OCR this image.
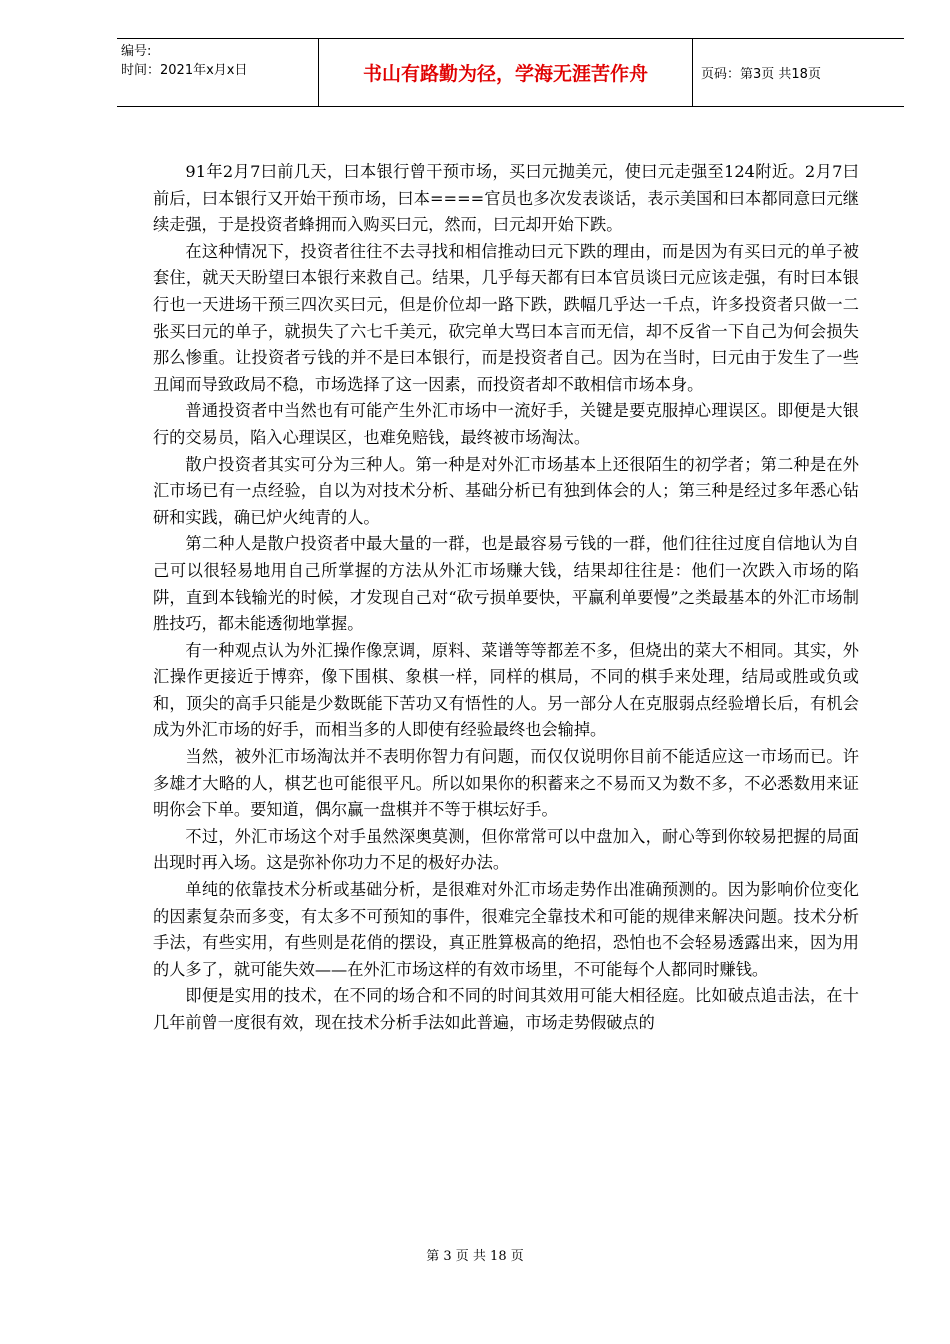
编号:
时间：2021年x月x日	书山有路勤为径，学海无涯苦作舟	页码：第3页 共18页

91年2月7曰前几天，曰本银行曾干预市场，买曰元抛美元，使曰元走强至124附近。2月7曰前后，曰本银行又开始干预市场，曰本====官员也多次发表谈话，表示美国和曰本都同意曰元继续走强，于是投资者蜂拥而入购买曰元，然而，曰元却开始下跌。

在这种情况下，投资者往往不去寻找和相信推动曰元下跌的理由，而是因为有买曰元的单子被套住，就天天盼望曰本银行来救自己。结果，几乎每天都有曰本官员谈曰元应该走强，有时曰本银行也一天进场干预三四次买曰元，但是价位却一路下跌，跌幅几乎达一千点，许多投资者只做一二张买曰元的单子，就损失了六七千美元，砍完单大骂曰本言而无信，却不反省一下自己为何会损失那么惨重。让投资者亏钱的并不是曰本银行，而是投资者自己。因为在当时，曰元由于发生了一些丑闻而导致政局不稳，市场选择了这一因素，而投资者却不敢相信市场本身。

普通投资者中当然也有可能产生外汇市场中一流好手，关键是要克服掉心理误区。即便是大银行的交易员，陷入心理误区，也难免赔钱，最终被市场淘汰。

散户投资者其实可分为三种人。第一种是对外汇市场基本上还很陌生的初学者；第二种是在外汇市场已有一点经验，自以为对技术分析、基础分析已有独到体会的人；第三种是经过多年悉心钻研和实践，确已炉火纯青的人。

第二种人是散户投资者中最大量的一群，也是最容易亏钱的一群，他们往往过度自信地认为自己可以很轻易地用自己所掌握的方法从外汇市场赚大钱，结果却往往是：他们一次跌入市场的陷阱，直到本钱输光的时候，才发现自己对“砍亏损单要快，平赢利单要慢”之类最基本的外汇市场制胜技巧，都未能透彻地掌握。

有一种观点认为外汇操作像烹调，原料、菜谱等等都差不多，但烧出的菜大不相同。其实，外汇操作更接近于博弈，像下围棋、象棋一样，同样的棋局，不同的棋手来处理，结局或胜或负或和，顶尖的高手只能是少数既能下苦功又有悟性的人。另一部分人在克服弱点经验增长后，有机会成为外汇市场的好手，而相当多的人即使有经验最终也会输掉。

当然，被外汇市场淘汰并不表明你智力有问题，而仅仅说明你目前不能适应这一市场而已。许多雄才大略的人，棋艺也可能很平凡。所以如果你的积蓄来之不易而又为数不多，不必悉数用来证明你会下单。要知道，偶尔赢一盘棋并不等于棋坛好手。

不过，外汇市场这个对手虽然深奥莫测，但你常常可以中盘加入，耐心等到你较易把握的局面出现时再入场。这是弥补你功力不足的极好办法。

单纯的依靠技术分析或基础分析，是很难对外汇市场走势作出准确预测的。因为影响价位变化的因素复杂而多变，有太多不可预知的事件，很难完全靠技术和可能的规律来解决问题。技术分析手法，有些实用，有些则是花俏的摆设，真正胜算极高的绝招，恐怕也不会轻易透露出来，因为用的人多了，就可能失效——在外汇市场这样的有效市场里，不可能每个人都同时赚钱。

即便是实用的技术，在不同的场合和不同的时间其效用可能大相径庭。比如破点追击法，在十几年前曾一度很有效，现在技术分析手法如此普遍，市场走势假破点的

第 3 页 共 18 页
